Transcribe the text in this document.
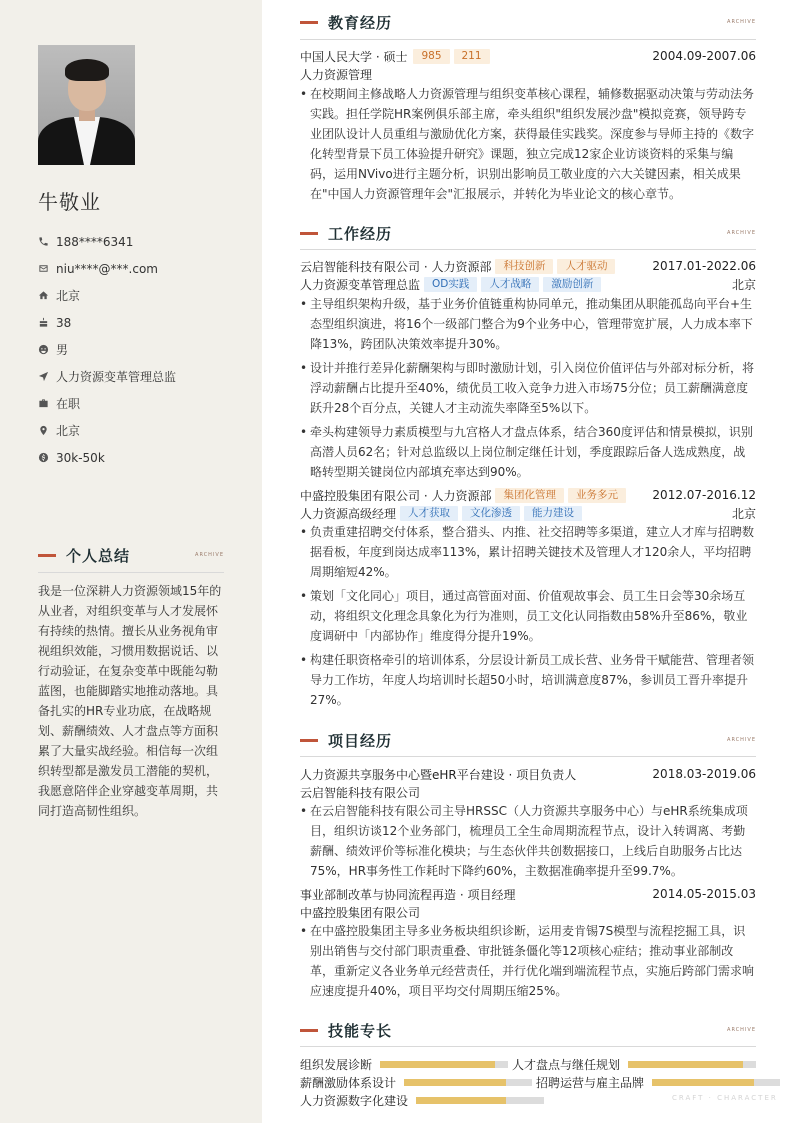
牛敬业
188****6341
niu****@***.com
北京
38
男
人力资源变革管理总监
在职
北京
30k-50k
个人总结	ARCHIVE
我是一位深耕人力资源领域15年的从业者，对组织变革与人才发展怀有持续的热情。擅长从业务视角审视组织效能，习惯用数据说话、以行动验证，在复杂变革中既能勾勒蓝图，也能脚踏实地推动落地。具备扎实的HR专业功底，在战略规划、薪酬绩效、人才盘点等方面积累了大量实战经验。相信每一次组织转型都是激发员工潜能的契机，我愿意陪伴企业穿越变革周期，共同打造高韧性组织。
教育经历	ARCHIVE
中国人民大学 · 硕士	985	211	2004.09-2007.06
人力资源管理
• 在校期间主修战略人力资源管理与组织变革核心课程，辅修数据驱动决策与劳动法务实践。担任学院HR案例俱乐部主席，牵头组织"组织发展沙盘"模拟竞赛，领导跨专业团队设计人员重组与激励优化方案，获得最佳实践奖。深度参与导师主持的《数字化转型背景下员工体验提升研究》课题，独立完成12家企业访谈资料的采集与编码，运用NVivo进行主题分析，识别出影响员工敬业度的六大关键因素，相关成果在"中国人力资源管理年会"汇报展示，并转化为毕业论文的核心章节。
工作经历	ARCHIVE
云启智能科技有限公司 · 人力资源部	科技创新	人才驱动	2017.01-2022.06
人力资源变革管理总监	OD实践	人才战略	激励创新	北京
• 主导组织架构升级，基于业务价值链重构协同单元，推动集团从职能孤岛向平台+生态型组织演进，将16个一级部门整合为9个业务中心，管理带宽扩展，人力成本率下降13%，跨团队决策效率提升30%。
• 设计并推行差异化薪酬架构与即时激励计划，引入岗位价值评估与外部对标分析，将浮动薪酬占比提升至40%，绩优员工收入竞争力进入市场75分位；员工薪酬满意度跃升28个百分点，关键人才主动流失率降至5%以下。
• 牵头构建领导力素质模型与九宫格人才盘点体系，结合360度评估和情景模拟，识别高潜人员62名；针对总监级以上岗位制定继任计划，季度跟踪后备人选成熟度，战略转型期关键岗位内部填充率达到90%。
中盛控股集团有限公司 · 人力资源部	集团化管理	业务多元	2012.07-2016.12
人力资源高级经理	人才获取	文化渗透	能力建设	北京
• 负责重建招聘交付体系，整合猎头、内推、社交招聘等多渠道，建立人才库与招聘数据看板，年度到岗达成率113%，累计招聘关键技术及管理人才120余人，平均招聘周期缩短42%。
• 策划「文化同心」项目，通过高管面对面、价值观故事会、员工生日会等30余场互动，将组织文化理念具象化为行为准则，员工文化认同指数由58%升至86%，敬业度调研中「内部协作」维度得分提升19%。
• 构建任职资格牵引的培训体系，分层设计新员工成长营、业务骨干赋能营、管理者领导力工作坊，年度人均培训时长超50小时，培训满意度87%，参训员工晋升率提升27%。
项目经历	ARCHIVE
人力资源共享服务中心暨eHR平台建设 · 项目负责人	2018.03-2019.06
云启智能科技有限公司
• 在云启智能科技有限公司主导HRSSC（人力资源共享服务中心）与eHR系统集成项目，组织访谈12个业务部门，梳理员工全生命周期流程节点，设计入转调离、考勤薪酬、绩效评价等标准化模块；与生态伙伴共创数据接口，上线后自助服务占比达75%，HR事务性工作耗时下降约60%，主数据准确率提升至99.7%。
事业部制改革与协同流程再造 · 项目经理	2014.05-2015.03
中盛控股集团有限公司
• 在中盛控股集团主导多业务板块组织诊断，运用麦肯锡7S模型与流程挖掘工具，识别出销售与交付部门职责重叠、审批链条僵化等12项核心症结；推动事业部制改革，重新定义各业务单元经营责任，并行优化端到端流程节点，实施后跨部门需求响应速度提升40%，项目平均交付周期压缩25%。
技能专长	ARCHIVE
组织发展诊断	人才盘点与继任规划
薪酬激励体系设计	招聘运营与雇主品牌
人力资源数字化建设	CRAFT · CHARACTER
